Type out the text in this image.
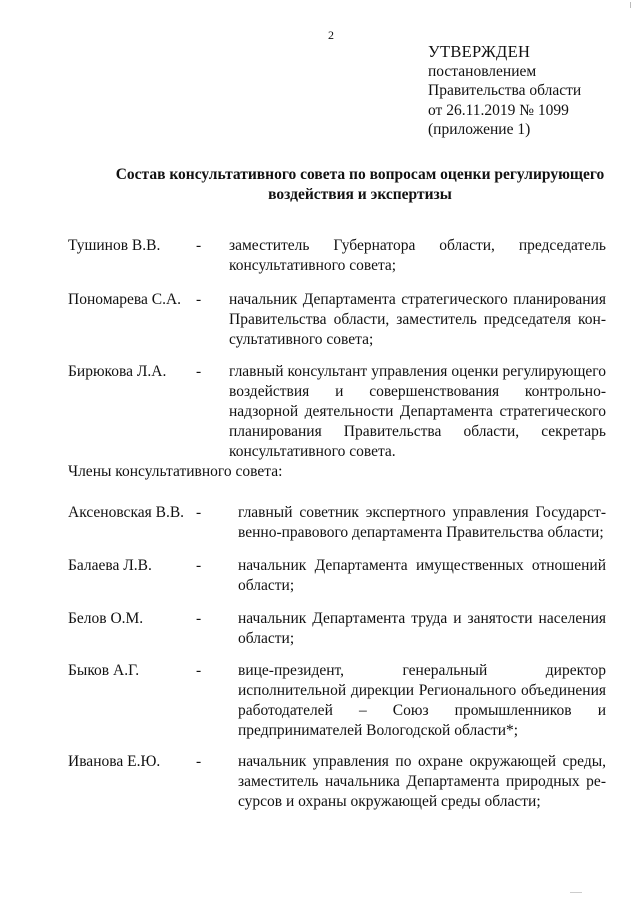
2
УТВЕРЖДЕН
постановлением
Правительства области
от 26.11.2019 № 1099
(приложение 1)
Состав консультативного совета по вопросам оценки регулирующего
воздействия и экспертизы
Тушинов В.В. - заместитель Губернатора области, председатель консультативного совета;
Пономарева С.А. - начальник Департамента стратегического планирования Правительства области, заместитель председателя консультативного совета;
Бирюкова Л.А. - главный консультант управления оценки регулирующего воздействия и совершенствования контрольно-надзорной деятельности Департамента стратегического планирования Правительства области, секретарь консультативного совета.
Члены консультативного совета:
Аксеновская В.В. - главный советник экспертного управления Государственно-правового департамента Правительства области;
Балаева Л.В.	- начальник Департамента имущественных отношений области;
Белов О.М.	- начальник Департамента труда и занятости населения области;
Быков А.Г.	- вице-президент, генеральный директор исполнительной дирекции Регионального объединения работодателей – Союз промышленников и предпринимателей Вологодской области*;
Иванова Е.Ю. - начальник управления по охране окружающей среды, заместитель начальника Департамента природных ресурсов и охраны окружающей среды области;
